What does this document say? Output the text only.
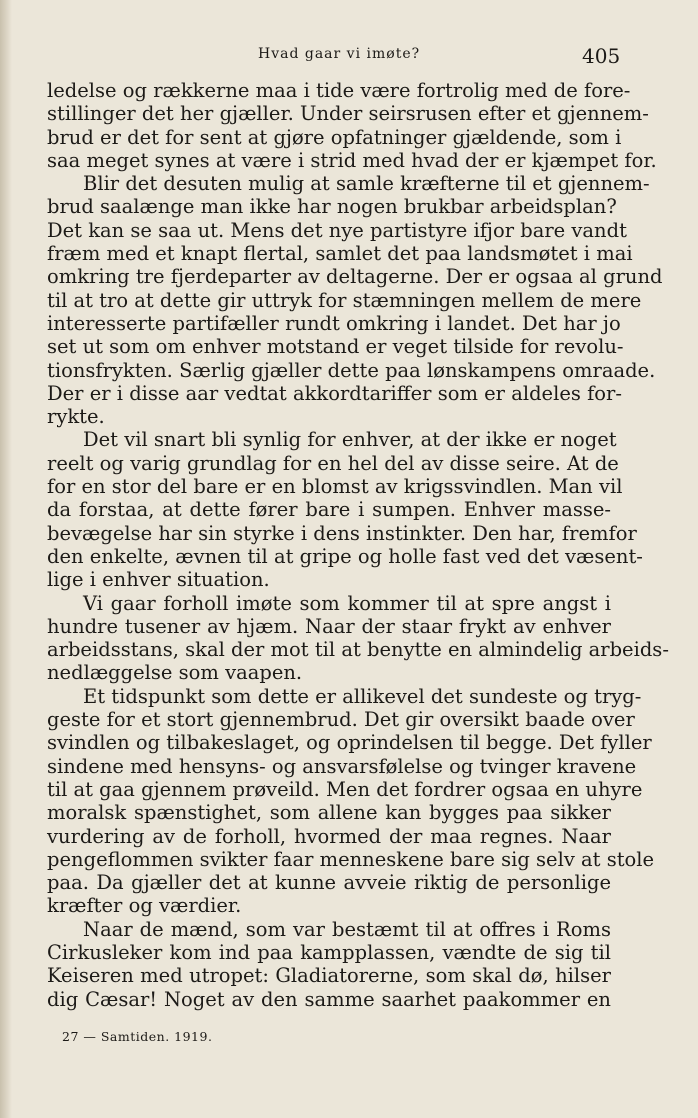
Hvad gaar vi imøte?	405
ledelse og rækkerne maa i tide være fortrolig med de fore-
stillinger det her gjæller. Under seirsrusen efter et gjennem-
brud er det for sent at gjøre opfatninger gjældende, som i
saa meget synes at være i strid med hvad der er kjæmpet for.
Blir det desuten mulig at samle kræfterne til et gjennem-
brud saalænge man ikke har nogen brukbar arbeidsplan?
Det kan se saa ut. Mens det nye partistyre ifjor bare vandt
fræm med et knapt flertal, samlet det paa landsmøtet i mai
omkring tre fjerdeparter av deltagerne. Der er ogsaa al grund
til at tro at dette gir uttryk for stæmningen mellem de mere
interesserte partifæller rundt omkring i landet. Det har jo
set ut som om enhver motstand er veget tilside for revolu-
tionsfrykten. Særlig gjæller dette paa lønskampens omraade.
Der er i disse aar vedtat akkordtariffer som er aldeles for-
rykte.
Det vil snart bli synlig for enhver, at der ikke er noget
reelt og varig grundlag for en hel del av disse seire. At de
for en stor del bare er en blomst av krigssvindlen. Man vil
da forstaa, at dette fører bare i sumpen. Enhver masse-
bevægelse har sin styrke i dens instinkter. Den har, fremfor
den enkelte, ævnen til at gripe og holle fast ved det væsent-
lige i enhver situation.
Vi gaar forholl imøte som kommer til at spre angst i
hundre tusener av hjæm. Naar der staar frykt av enhver
arbeidsstans, skal der mot til at benytte en almindelig arbeids-
nedlæggelse som vaapen.
Et tidspunkt som dette er allikevel det sundeste og tryg-
geste for et stort gjennembrud. Det gir oversikt baade over
svindlen og tilbakeslaget, og oprindelsen til begge. Det fyller
sindene med hensyns- og ansvarsfølelse og tvinger kravene
til at gaa gjennem prøveild. Men det fordrer ogsaa en uhyre
moralsk spænstighet, som allene kan bygges paa sikker
vurdering av de forholl, hvormed der maa regnes. Naar
pengeflommen svikter faar menneskene bare sig selv at stole
paa. Da gjæller det at kunne avveie riktig de personlige
kræfter og værdier.
Naar de mænd, som var bestæmt til at offres i Roms
Cirkusleker kom ind paa kampplassen, vændte de sig til
Keiseren med utropet: Gladiatorerne, som skal dø, hilser
dig Cæsar! Noget av den samme saarhet paakommer en
27 — Samtiden. 1919.
